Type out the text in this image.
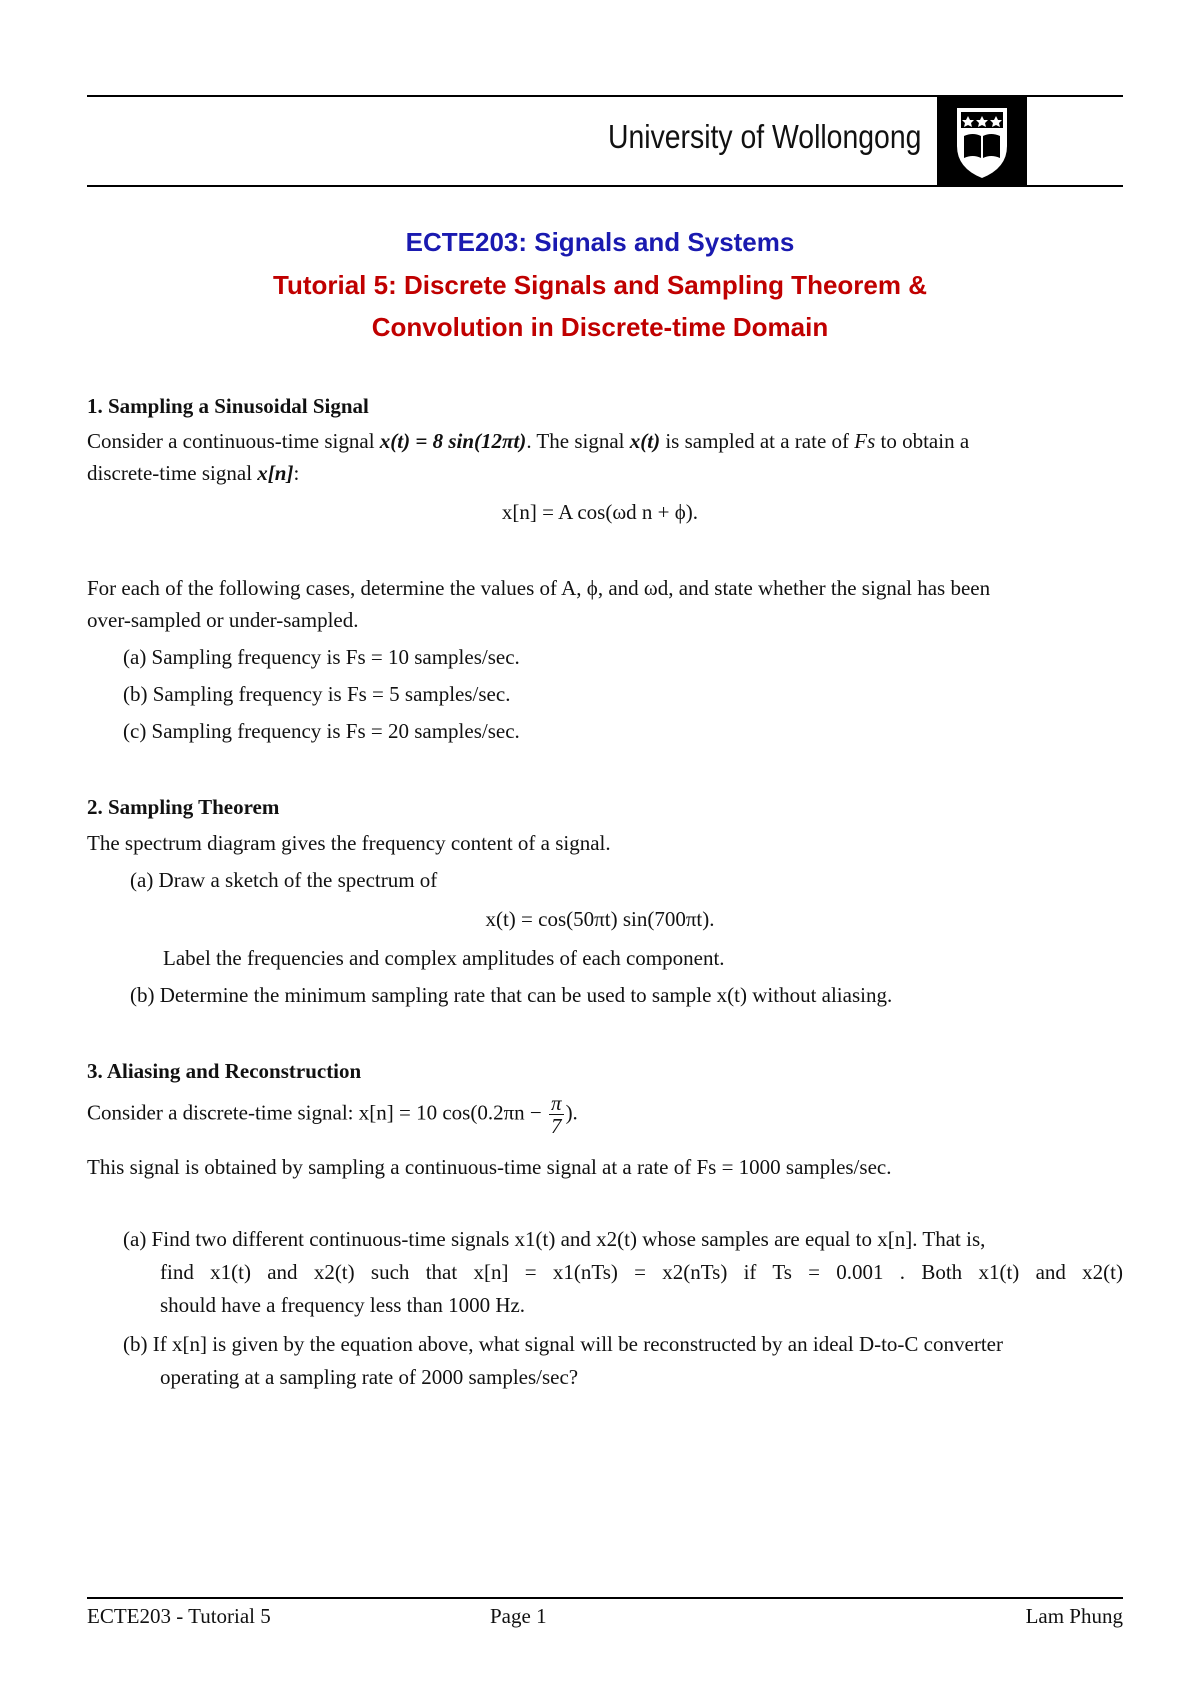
University of Wollongong
ECTE203: Signals and Systems
Tutorial 5: Discrete Signals and Sampling Theorem &
Convolution in Discrete-time Domain
1. Sampling a Sinusoidal Signal
Consider a continuous-time signal x(t) = 8 sin(12πt). The signal x(t) is sampled at a rate of Fs to obtain a
discrete-time signal x[n]:
x[n] = A cos(ωd n + ϕ).
For each of the following cases, determine the values of A, ϕ, and ωd, and state whether the signal has been
over-sampled or under-sampled.
(a) Sampling frequency is Fs = 10 samples/sec.
(b) Sampling frequency is Fs = 5 samples/sec.
(c) Sampling frequency is Fs = 20 samples/sec.
2. Sampling Theorem
The spectrum diagram gives the frequency content of a signal.
(a) Draw a sketch of the spectrum of
x(t) = cos(50πt) sin(700πt).
Label the frequencies and complex amplitudes of each component.
(b) Determine the minimum sampling rate that can be used to sample x(t) without aliasing.
3. Aliasing and Reconstruction
Consider a discrete-time signal: x[n] = 10 $\cos(0.2\pi n - \frac{\pi}{7}$ ).
This signal is obtained by sampling a continuous-time signal at a rate of Fs = 1000 samples/sec.
(a) Find two different continuous-time signals x1(t) and x2(t) whose samples are equal to x[n]. That is,
find x1(t) and x2(t) such that x[n] = x1(nTs) = x2(nTs) if Ts = 0.001 . Both x1(t) and x2(t)
should have a frequency less than 1000 Hz.
(b) If x[n] is given by the equation above, what signal will be reconstructed by an ideal D-to-C converter
operating at a sampling rate of 2000 samples/sec?
ECTE203 - Tutorial 5	Page 1	Lam Phung
